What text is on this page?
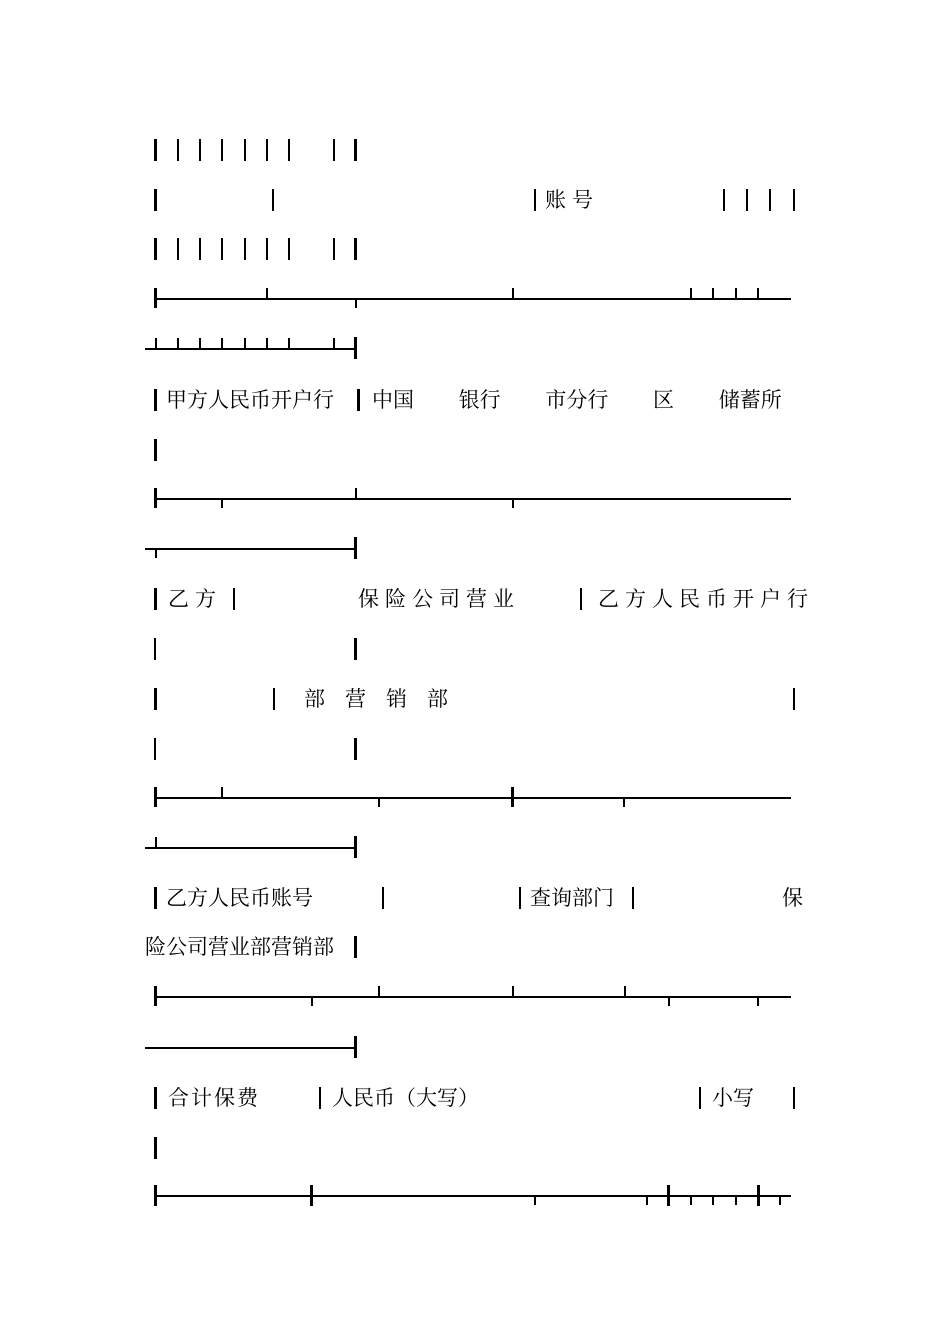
账号
甲方人民币开户行 中国 银行 市分行 区 储蓄所
乙方	保险公司营业	乙方人民币开户行
部营销部
乙方人民币账号	查询部门	保
险公司营业部营销部
合计保费	人民币（大写）	小写
